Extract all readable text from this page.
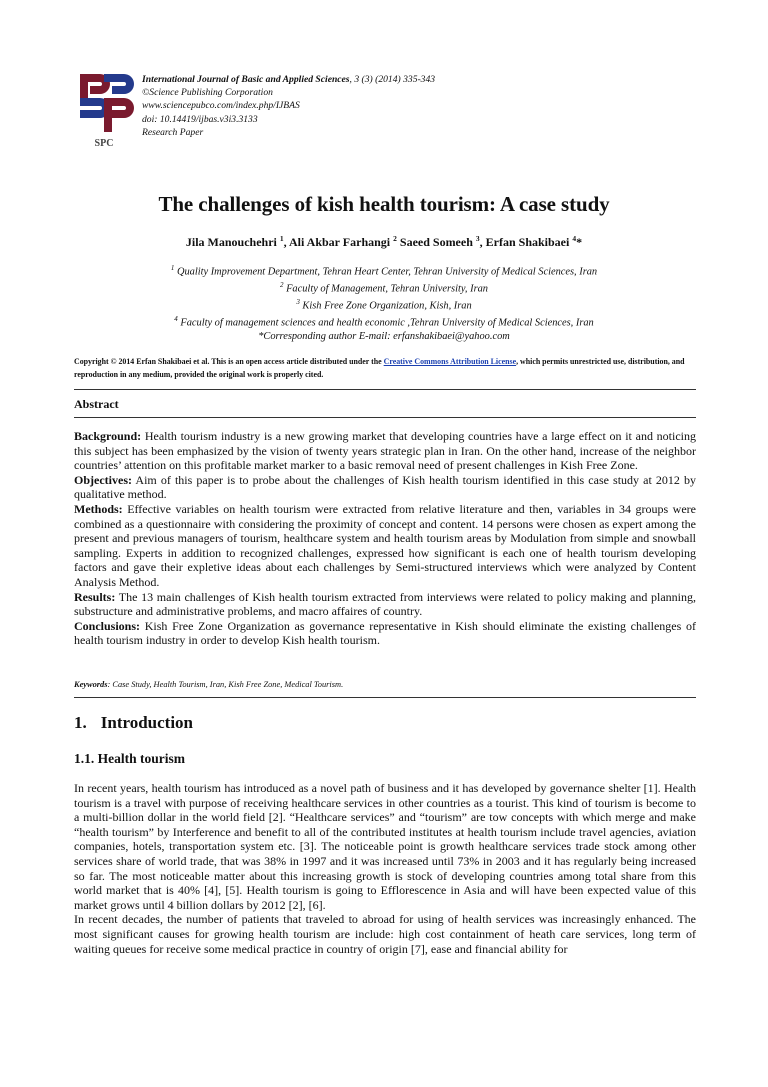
SPC
International Journal of Basic and Applied Sciences, 3 (3) (2014) 335-343
©Science Publishing Corporation
www.sciencepubco.com/index.php/IJBAS
doi: 10.14419/ijbas.v3i3.3133
Research Paper
The challenges of kish health tourism: A case study
Jila Manouchehri $^1$, Ali Akbar Farhangi $^2$ Saeed Someeh $^3$, Erfan Shakibaei $^4$*
$^1$ Quality Improvement Department, Tehran Heart Center, Tehran University of Medical Sciences, Iran
$^2$ Faculty of Management, Tehran University, Iran
$^3$ Kish Free Zone Organization, Kish, Iran
$^4$ Faculty of management sciences and health economic ,Tehran University of Medical Sciences, Iran
*Corresponding author E-mail: erfanshakibaei@yahoo.com
Copyright © 2014 Erfan Shakibaei et al. This is an open access article distributed under the Creative Commons Attribution License, which permits unrestricted use, distribution, and reproduction in any medium, provided the original work is properly cited.
Abstract

Background: Health tourism industry is a new growing market that developing countries have a large effect on it and noticing this subject has been emphasized by the vision of twenty years strategic plan in Iran. On the other hand, increase of the neighbor countries’ attention on this profitable market marker to a basic removal need of present challenges in Kish Free Zone.

Objectives: Aim of this paper is to probe about the challenges of Kish health tourism identified in this case study at 2012 by qualitative method.

Methods: Effective variables on health tourism were extracted from relative literature and then, variables in 34 groups were combined as a questionnaire with considering the proximity of concept and content. 14 persons were chosen as expert among the present and previous managers of tourism, healthcare system and health tourism areas by Modulation from simple and snowball sampling. Experts in addition to recognized challenges, expressed how significant is each one of health tourism developing factors and gave their expletive ideas about each challenges by Semi-structured interviews which were analyzed by Content Analysis Method.

Results: The 13 main challenges of Kish health tourism extracted from interviews were related to policy making and planning, substructure and administrative problems, and macro affaires of country.

Conclusions: Kish Free Zone Organization as governance representative in Kish should eliminate the existing challenges of health tourism industry in order to develop Kish health tourism.

Keywords: Case Study, Health Tourism, Iran, Kish Free Zone, Medical Tourism.
1. Introduction
1.1. Health tourism

In recent years, health tourism has introduced as a novel path of business and it has developed by governance shelter [1]. Health tourism is a travel with purpose of receiving healthcare services in other countries as a tourist. This kind of tourism is become to a multi-billion dollar in the world field [2]. “Healthcare services” and “tourism” are tow concepts with which merge and make “health tourism” by Interference and benefit to all of the contributed institutes at health tourism include travel agencies, aviation companies, hotels, transportation system etc. [3]. The noticeable point is growth healthcare services trade stock among other services share of world trade, that was 38% in 1997 and it was increased until 73% in 2003 and it has regularly being increased so far. The most noticeable matter about this increasing growth is stock of developing countries among total share from this world market that is 40% [4], [5]. Health tourism is going to Efflorescence in Asia and will have been expected value of this market grows until 4 billion dollars by 2012 [2], [6].

In recent decades, the number of patients that traveled to abroad for using of health services was increasingly enhanced. The most significant causes for growing health tourism are include: high cost containment of heath care services, long term of waiting queues for receive some medical practice in country of origin [7], ease and financial ability for
